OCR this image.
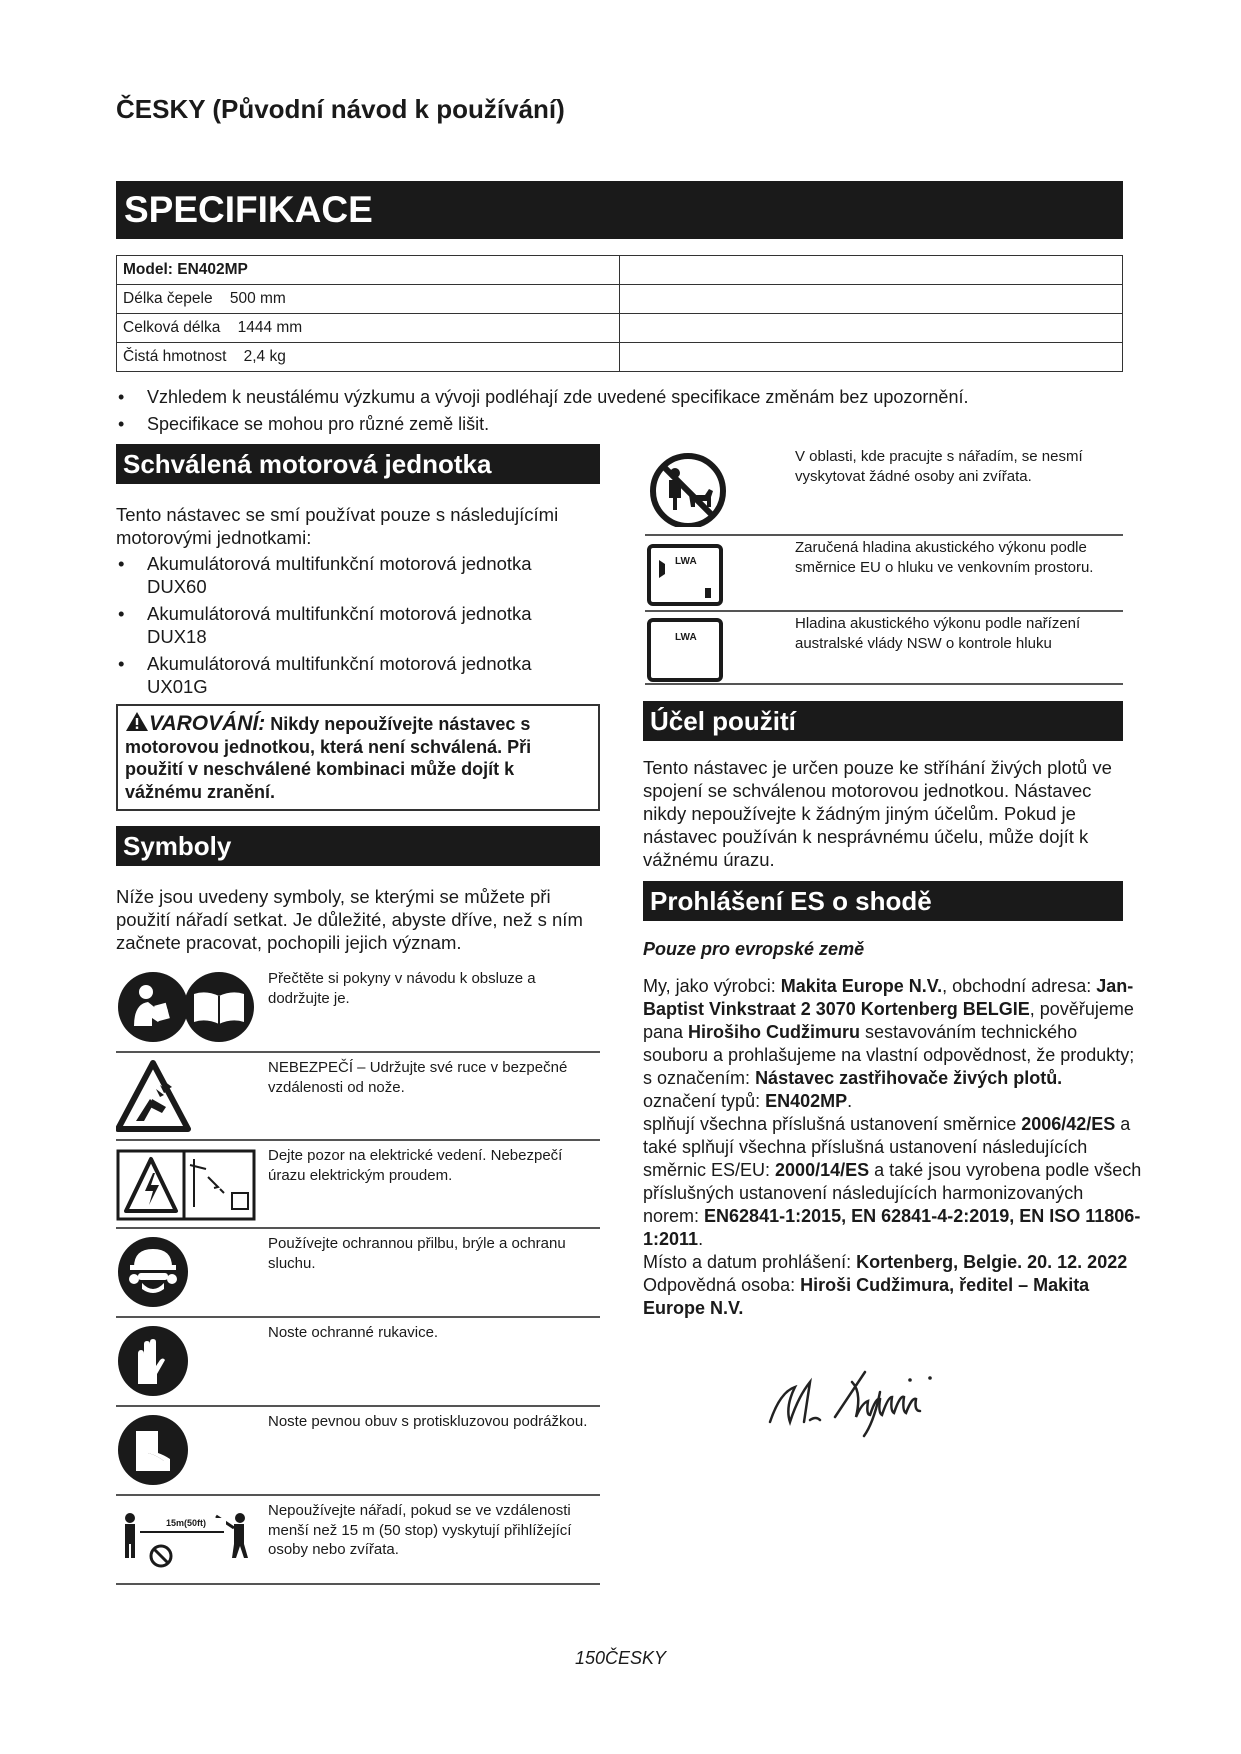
ČESKY (Původní návod k používání)
SPECIFIKACE
Model: EN402MP	
Délka čepele    500 mm	
Celková délka    1444 mm	
Čistá hmotnost    2,4 kg	
• Vzhledem k neustálému výzkumu a vývoji podléhají zde uvedené specifikace změnám bez upozornění.
• Specifikace se mohou pro různé země lišit.
Schválená motorová jednotka
Tento nástavec se smí používat pouze s následujícími motorovými jednotkami:
• Akumulátorová multifunkční motorová jednotka
DUX60
• Akumulátorová multifunkční motorová jednotka
DUX18
• Akumulátorová multifunkční motorová jednotka
UX01G
VAROVÁNÍ: Nikdy nepoužívejte nástavec s motorovou jednotkou, která není schválená. Při použití v neschválené kombinaci může dojít k vážnému zranění.
Symboly
Níže jsou uvedeny symboly, se kterými se můžete při použití nářadí setkat. Je důležité, abyste dříve, než s ním začnete pracovat, pochopili jejich význam.
Přečtěte si pokyny v návodu k obsluze a dodržujte je.
NEBEZPEČÍ – Udržujte své ruce v bezpečné vzdálenosti od nože.
Dejte pozor na elektrické vedení. Nebezpečí úrazu elektrickým proudem.
Používejte ochrannou přilbu, brýle a ochranu sluchu.
Noste ochranné rukavice.
Noste pevnou obuv s protiskluzovou podrážkou.
15m(50ft)
Nepoužívejte nářadí, pokud se ve vzdálenosti menší než 15 m (50 stop) vyskytují přihlížející osoby nebo zvířata.
V oblasti, kde pracujte s nářadím, se nesmí vyskytovat žádné osoby ani zvířata.
LWA
Zaručená hladina akustického výkonu podle směrnice EU o hluku ve venkovním prostoru.
LWA
Hladina akustického výkonu podle nařízení australské vlády NSW o kontrole hluku
Účel použití
Tento nástavec je určen pouze ke stříhání živých plotů ve spojení se schválenou motorovou jednotkou. Nástavec nikdy nepoužívejte k žádným jiným účelům. Pokud je nástavec používán k nesprávnému účelu, může dojít k vážnému úrazu.
Prohlášení ES o shodě
Pouze pro evropské země
My, jako výrobci: Makita Europe N.V., obchodní adresa: Jan-Baptist Vinkstraat 2 3070 Kortenberg BELGIE, pověřujeme pana Hirošiho Cudžimuru sestavováním technického souboru a prohlašujeme na vlastní odpovědnost, že produkty;
s označením: Nástavec zastřihovače živých plotů.
označení typů: EN402MP.
splňují všechna příslušná ustanovení směrnice 2006/42/ES a také splňují všechna příslušná ustanovení následujících směrnic ES/EU: 2000/14/ES a také jsou vyrobena podle všech příslušných ustanovení následujících harmonizovaných norem: EN62841-1:2015, EN 62841-4-2:2019, EN ISO 11806-1:2011.
Místo a datum prohlášení: Kortenberg, Belgie. 20. 12. 2022
Odpovědná osoba: Hiroši Cudžimura, ředitel – Makita Europe N.V.
150ČESKY
